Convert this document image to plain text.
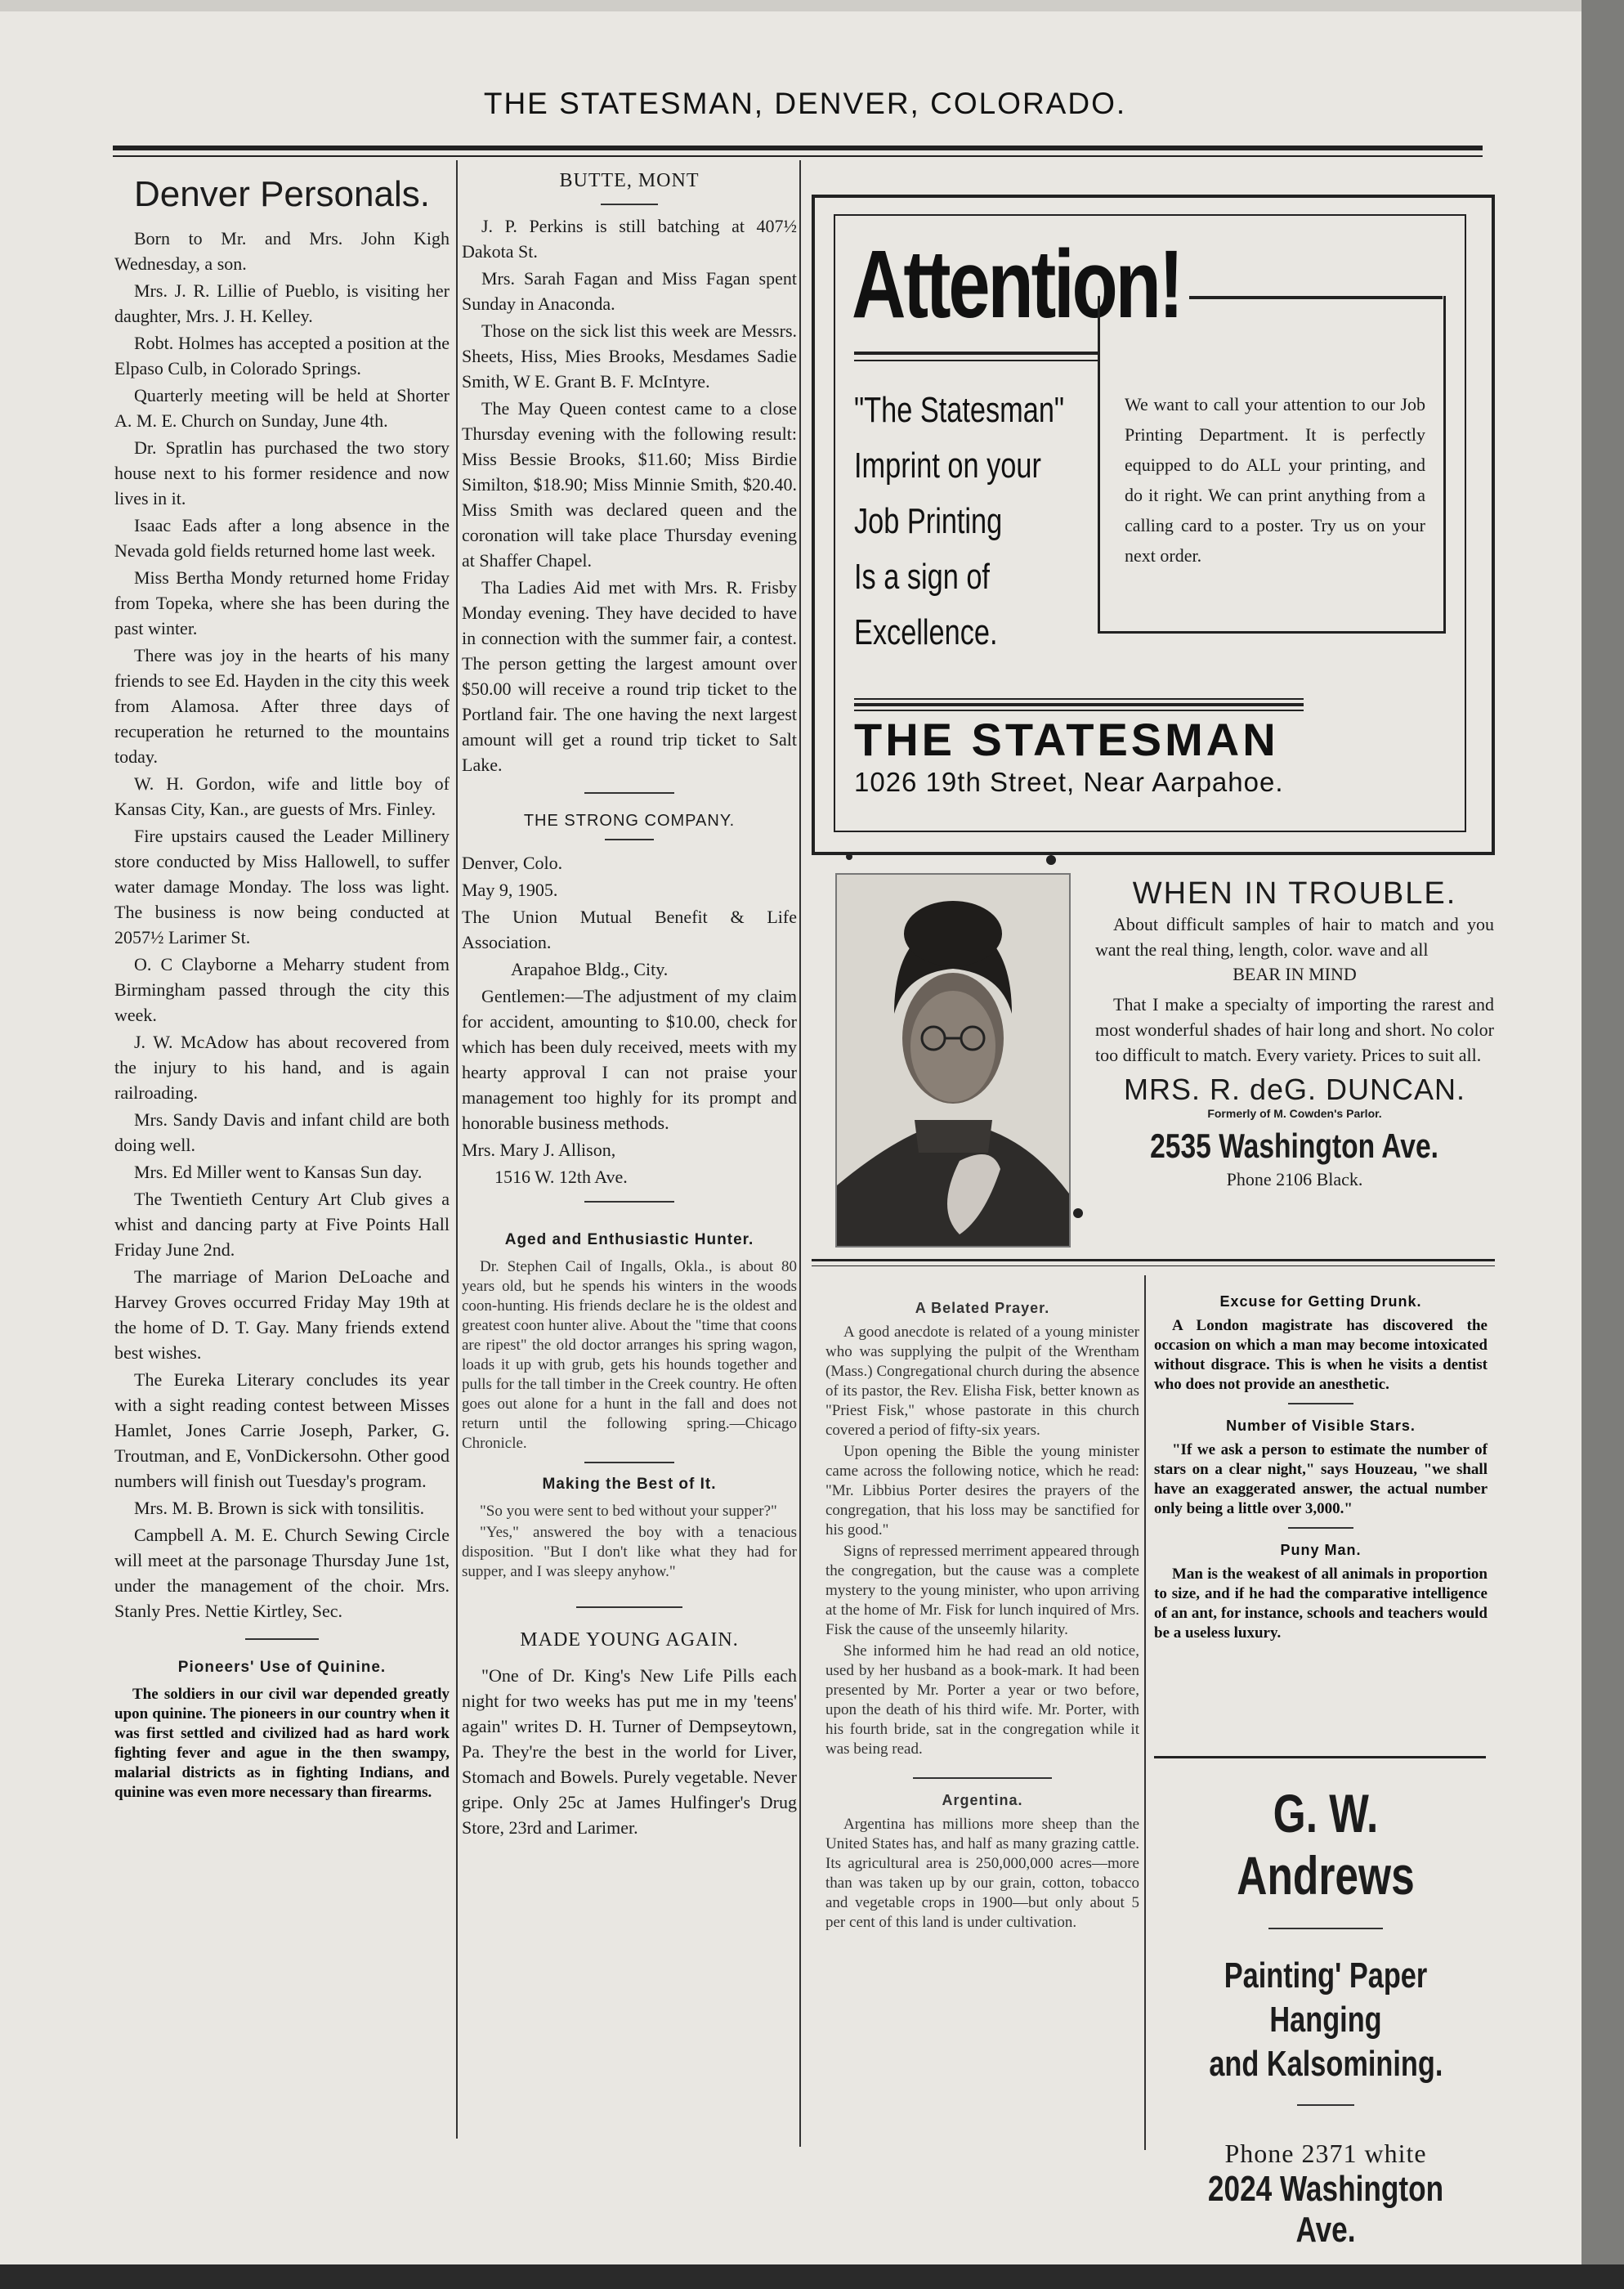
THE STATESMAN, DENVER, COLORADO.
Denver Personals.

Born to Mr. and Mrs. John Kigh Wednesday, a son.

Mrs. J. R. Lillie of Pueblo, is visiting her daughter, Mrs. J. H. Kelley.

Robt. Holmes has accepted a position at the Elpaso Culb, in Colorado Springs.

Quarterly meeting will be held at Shorter A. M. E. Church on Sunday, June 4th.

Dr. Spratlin has purchased the two story house next to his former residence and now lives in it.

Isaac Eads after a long absence in the Nevada gold fields returned home last week.

Miss Bertha Mondy returned home Friday from Topeka, where she has been during the past winter.

There was joy in the hearts of his many friends to see Ed. Hayden in the city this week from Alamosa. After three days of recuperation he returned to the mountains today.

W. H. Gordon, wife and little boy of Kansas City, Kan., are guests of Mrs. Finley.

Fire upstairs caused the Leader Millinery store conducted by Miss Hallowell, to suffer water damage Monday. The loss was light. The business is now being conducted at 2057½ Larimer St.

O. C Clayborne a Meharry student from Birmingham passed through the city this week.

J. W. McAdow has about recovered from the injury to his hand, and is again railroading.

Mrs. Sandy Davis and infant child are both doing well.

Mrs. Ed Miller went to Kansas Sun day.

The Twentieth Century Art Club gives a whist and dancing party at Five Points Hall Friday June 2nd.

The marriage of Marion DeLoache and Harvey Groves occurred Friday May 19th at the home of D. T. Gay. Many friends extend best wishes.

The Eureka Literary concludes its year with a sight reading contest between Misses Hamlet, Jones Carrie Joseph, Parker, G. Troutman, and E, VonDickersohn. Other good numbers will finish out Tuesday's program.

Mrs. M. B. Brown is sick with tonsilitis.

Campbell A. M. E. Church Sewing Circle will meet at the parsonage Thursday June 1st, under the management of the choir. Mrs. Stanly Pres. Nettie Kirtley, Sec.

Pioneers' Use of Quinine.

The soldiers in our civil war depended greatly upon quinine. The pioneers in our country when it was first settled and civilized had as hard work fighting fever and ague in the then swampy, malarial districts as in fighting Indians, and quinine was even more necessary than firearms.

BUTTE, MONT

J. P. Perkins is still batching at 407½ Dakota St.

Mrs. Sarah Fagan and Miss Fagan spent Sunday in Anaconda.

Those on the sick list this week are Messrs. Sheets, Hiss, Mies Brooks, Mesdames Sadie Smith, W E. Grant B. F. McIntyre.

The May Queen contest came to a close Thursday evening with the following result: Miss Bessie Brooks, $11.60; Miss Birdie Similton, $18.90; Miss Minnie Smith, $20.40. Miss Smith was declared queen and the coronation will take place Thursday evening at Shaffer Chapel.

Tha Ladies Aid met with Mrs. R. Frisby Monday evening. They have decided to have in connection with the summer fair, a contest. The person getting the largest amount over $50.00 will receive a round trip ticket to the Portland fair. The one having the next largest amount will get a round trip ticket to Salt Lake.

THE STRONG COMPANY.

Denver, Colo.

May 9, 1905.

The Union Mutual Benefit & Life Association.

Arapahoe Bldg., City.

Gentlemen:—The adjustment of my claim for accident, amounting to $10.00, check for which has been duly received, meets with my hearty approval I can not praise your management too highly for its prompt and honorable business methods.

Mrs. Mary J. Allison,

1516 W. 12th Ave.

Aged and Enthusiastic Hunter.

Dr. Stephen Cail of Ingalls, Okla., is about 80 years old, but he spends his winters in the woods coon-hunting. His friends declare he is the oldest and greatest coon hunter alive. About the "time that coons are ripest" the old doctor arranges his spring wagon, loads it up with grub, gets his hounds together and pulls for the tall timber in the Creek country. He often goes out alone for a hunt in the fall and does not return until the following spring.—Chicago Chronicle.

Making the Best of It.

"So you were sent to bed without your supper?"

"Yes," answered the boy with a tenacious disposition. "But I don't like what they had for supper, and I was sleepy anyhow."

MADE YOUNG AGAIN.

"One of Dr. King's New Life Pills each night for two weeks has put me in my 'teens' again" writes D. H. Turner of Dempseytown, Pa. They're the best in the world for Liver, Stomach and Bowels. Purely vegetable. Never gripe. Only 25c at James Hulfinger's Drug Store, 23rd and Larimer.

Attention!
"The Statesman"
Imprint on your
Job Printing
Is a sign of
Excellence.
We want to call your attention to our Job Printing Department. It is perfectly equipped to do ALL your printing, and do it right. We can print anything from a calling card to a poster. Try us on your next order.
THE STATESMAN
1026 19th Street, Near Aarpahoe.
WHEN IN TROUBLE.

About difficult samples of hair to match and you want the real thing, length, color. wave and all

BEAR IN MIND

That I make a specialty of importing the rarest and most wonderful shades of hair long and short. No color too difficult to match. Every variety. Prices to suit all.

MRS. R. deG. DUNCAN.
Formerly of M. Cowden's Parlor.
2535 Washington Ave.
Phone 2106 Black.
A Belated Prayer.

A good anecdote is related of a young minister who was supplying the pulpit of the Wrentham (Mass.) Congregational church during the absence of its pastor, the Rev. Elisha Fisk, better known as "Priest Fisk," whose pastorate in this church covered a period of fifty-six years.

Upon opening the Bible the young minister came across the following notice, which he read: "Mr. Libbius Porter desires the prayers of the congregation, that his loss may be sanctified for his good."

Signs of repressed merriment appeared through the congregation, but the cause was a complete mystery to the young minister, who upon arriving at the home of Mr. Fisk for lunch inquired of Mrs. Fisk the cause of the unseemly hilarity.

She informed him he had read an old notice, used by her husband as a book-mark. It had been presented by Mr. Porter a year or two before, upon the death of his third wife. Mr. Porter, with his fourth bride, sat in the congregation while it was being read.

Argentina.

Argentina has millions more sheep than the United States has, and half as many grazing cattle. Its agricultural area is 250,000,000 acres—more than was taken up by our grain, cotton, tobacco and vegetable crops in 1900—but only about 5 per cent of this land is under cultivation.

Excuse for Getting Drunk.

A London magistrate has discovered the occasion on which a man may become intoxicated without disgrace. This is when he visits a dentist who does not provide an anesthetic.

Number of Visible Stars.

"If we ask a person to estimate the number of stars on a clear night," says Houzeau, "we shall have an exaggerated answer, the actual number only being a little over 3,000."

Puny Man.

Man is the weakest of all animals in proportion to size, and if he had the comparative intelligence of an ant, for instance, schools and teachers would be a useless luxury.

G. W. Andrews
Painting' Paper Hanging
and Kalsomining.
Phone 2371 white
2024 Washington Ave.
